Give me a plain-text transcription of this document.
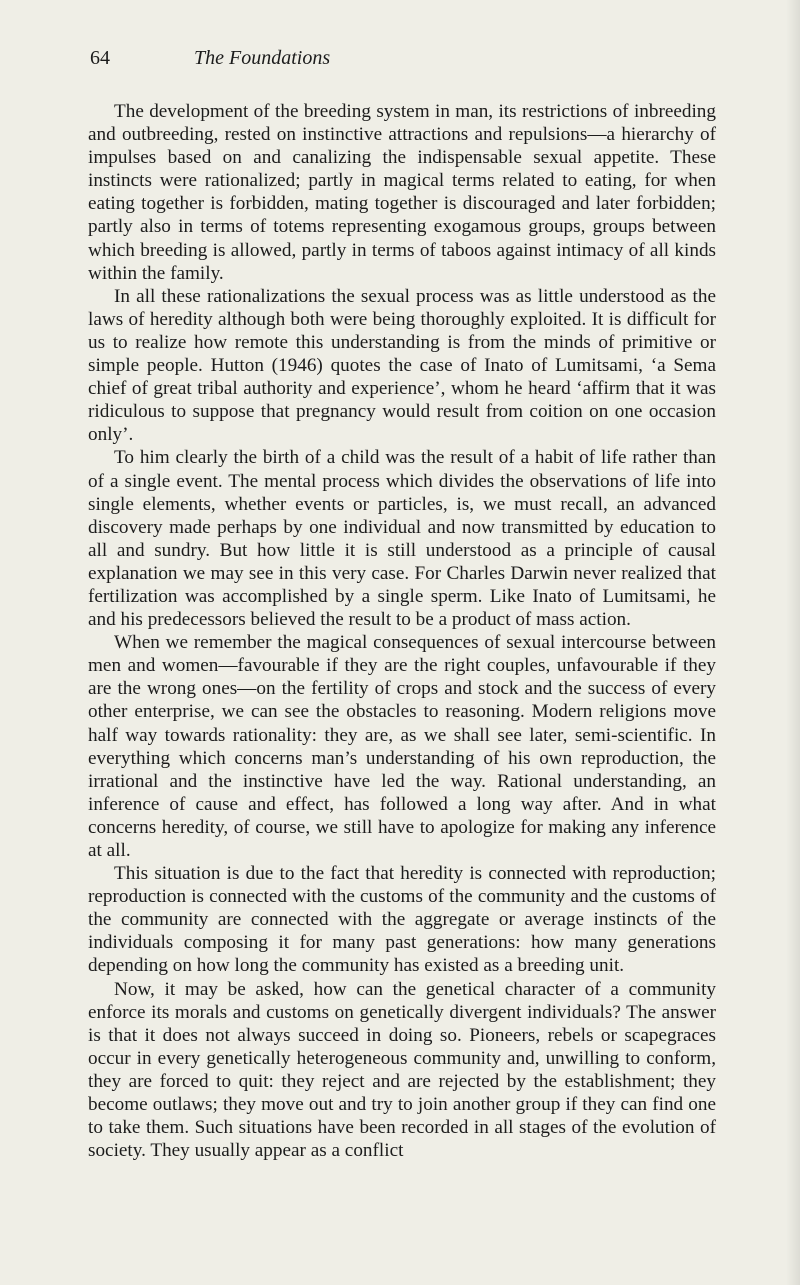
64	The Foundations

The development of the breeding system in man, its restrictions of inbreeding and outbreeding, rested on instinctive attractions and repulsions—a hierarchy of impulses based on and canalizing the indispensable sexual appetite. These instincts were rationalized; partly in magical terms related to eating, for when eating together is forbidden, mating together is discouraged and later forbidden; partly also in terms of totems representing exogamous groups, groups between which breeding is allowed, partly in terms of taboos against intimacy of all kinds within the family.

In all these rationalizations the sexual process was as little understood as the laws of heredity although both were being thoroughly exploited. It is difficult for us to realize how remote this understanding is from the minds of primitive or simple people. Hutton (1946) quotes the case of Inato of Lumitsami, ‘a Sema chief of great tribal authority and experience’, whom he heard ‘affirm that it was ridiculous to suppose that pregnancy would result from coition on one occasion only’.

To him clearly the birth of a child was the result of a habit of life rather than of a single event. The mental process which divides the observations of life into single elements, whether events or particles, is, we must recall, an advanced discovery made perhaps by one individual and now transmitted by education to all and sundry. But how little it is still understood as a principle of causal explanation we may see in this very case. For Charles Darwin never realized that fertilization was accomplished by a single sperm. Like Inato of Lumitsami, he and his predecessors believed the result to be a product of mass action.

When we remember the magical consequences of sexual intercourse between men and women—favourable if they are the right couples, unfavourable if they are the wrong ones—on the fertility of crops and stock and the success of every other enterprise, we can see the obstacles to reasoning. Modern religions move half way towards rationality: they are, as we shall see later, semi-scientific. In everything which concerns man’s understanding of his own reproduction, the irrational and the instinctive have led the way. Rational understanding, an inference of cause and effect, has followed a long way after. And in what concerns heredity, of course, we still have to apologize for making any inference at all.

This situation is due to the fact that heredity is connected with reproduction; reproduction is connected with the customs of the community and the customs of the community are connected with the aggregate or average instincts of the individuals composing it for many past generations: how many generations depending on how long the community has existed as a breeding unit.

Now, it may be asked, how can the genetical character of a community enforce its morals and customs on genetically divergent individuals? The answer is that it does not always succeed in doing so. Pioneers, rebels or scapegraces occur in every genetically heterogeneous community and, unwilling to conform, they are forced to quit: they reject and are rejected by the establishment; they become outlaws; they move out and try to join another group if they can find one to take them. Such situations have been recorded in all stages of the evolution of society. They usually appear as a conflict
